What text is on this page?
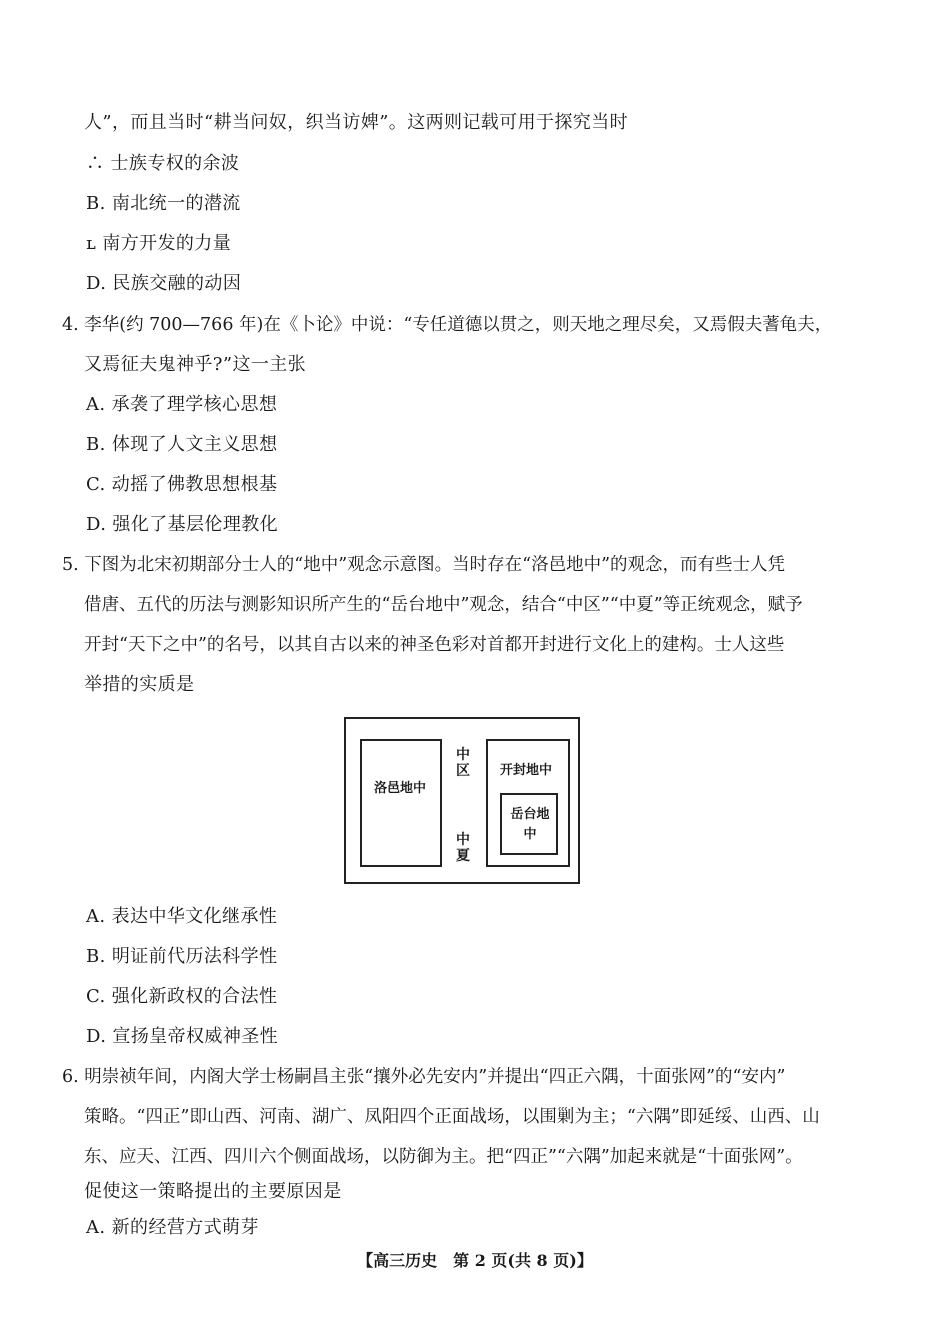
人”，而且当时“耕当问奴，织当访婢”。这两则记载可用于探究当时
∴ 士族专权的余波
B. 南北统一的潜流
ʟ 南方开发的力量
D. 民族交融的动因
4. 李华(约 700—766 年)在《卜论》中说：“专任道德以贯之，则天地之理尽矣，又焉假夫蓍龟夫，
又焉征夫鬼神乎?”这一主张
A. 承袭了理学核心思想
B. 体现了人文主义思想
C. 动摇了佛教思想根基
D. 强化了基层伦理教化
5. 下图为北宋初期部分士人的“地中”观念示意图。当时存在“洛邑地中”的观念，而有些士人凭
借唐、五代的历法与测影知识所产生的“岳台地中”观念，结合“中区”“中夏”等正统观念，赋予
开封“天下之中”的名号，以其自古以来的神圣色彩对首都开封进行文化上的建构。士人这些
举措的实质是
洛邑地中
中区
中夏
开封地中
岳台地中
A. 表达中华文化继承性
B. 明证前代历法科学性
C. 强化新政权的合法性
D. 宣扬皇帝权威神圣性
6. 明崇祯年间，内阁大学士杨嗣昌主张“攘外必先安内”并提出“四正六隅，十面张网”的“安内”
策略。“四正”即山西、河南、湖广、凤阳四个正面战场，以围剿为主；“六隅”即延绥、山西、山
东、应天、江西、四川六个侧面战场，以防御为主。把“四正”“六隅”加起来就是“十面张网”。
促使这一策略提出的主要原因是
A. 新的经营方式萌芽
【高三历史　第 2 页(共 8 页)】
